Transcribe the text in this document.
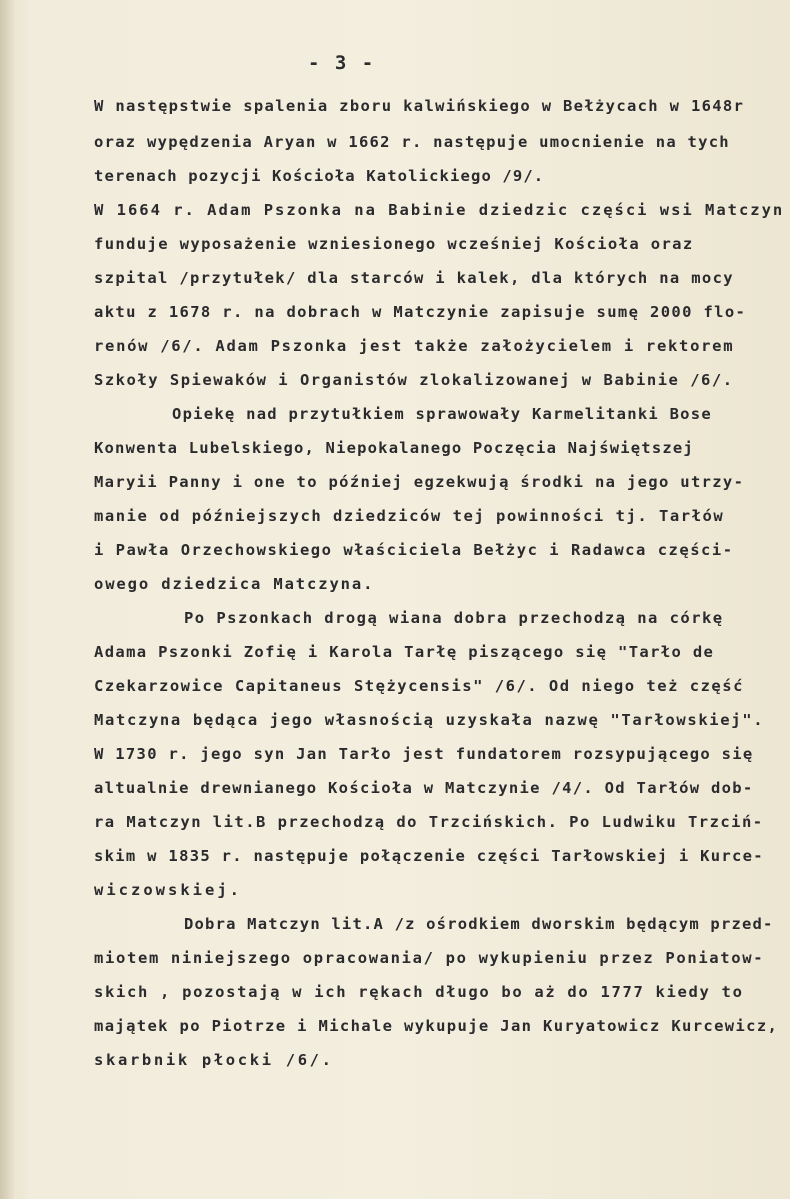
- 3 -
W następstwie spalenia zboru kalwińskiego w Bełżycach w 1648r
oraz wypędzenia Aryan w 1662 r. następuje umocnienie na tych
terenach pozycji Kościoła Katolickiego /9/.
W 1664 r. Adam Pszonka na Babinie dziedzic części wsi Matczyn
funduje wyposażenie wzniesionego wcześniej Kościoła oraz
szpital /przytułek/ dla starców i kalek, dla których na mocy
aktu z 1678 r. na dobrach w Matczynie zapisuje sumę 2000 flo-
renów /6/. Adam Pszonka jest także założycielem i rektorem
Szkoły Spiewaków i Organistów zlokalizowanej w Babinie /6/.
Opiekę nad przytułkiem sprawowały Karmelitanki Bose
Konwenta Lubelskiego, Niepokalanego Poczęcia Najświętszej
Maryii Panny i one to później egzekwują środki na jego utrzy-
manie od późniejszych dziedziców tej powinności tj. Tarłów
i Pawła Orzechowskiego właściciela Bełżyc i Radawca części-
owego dziedzica Matczyna.
Po Pszonkach drogą wiana dobra przechodzą na córkę
Adama Pszonki Zofię i Karola Tarłę piszącego się "Tarło de
Czekarzowice Capitaneus Stężycensis" /6/. Od niego też część
Matczyna będąca jego własnością uzyskała nazwę "Tarłowskiej".
W 1730 r. jego syn Jan Tarło jest fundatorem rozsypującego się
altualnie drewnianego Kościoła w Matczynie /4/. Od Tarłów dob-
ra Matczyn lit.B przechodzą do Trzcińskich. Po Ludwiku Trzciń-
skim w 1835 r. następuje połączenie części Tarłowskiej i Kurce-
wiczowskiej.
Dobra Matczyn lit.A /z ośrodkiem dworskim będącym przed-
miotem niniejszego opracowania/ po wykupieniu przez Poniatow-
skich , pozostają w ich rękach długo bo aż do 1777 kiedy to
majątek po Piotrze i Michale wykupuje Jan Kuryatowicz Kurcewicz,
skarbnik płocki /6/.
